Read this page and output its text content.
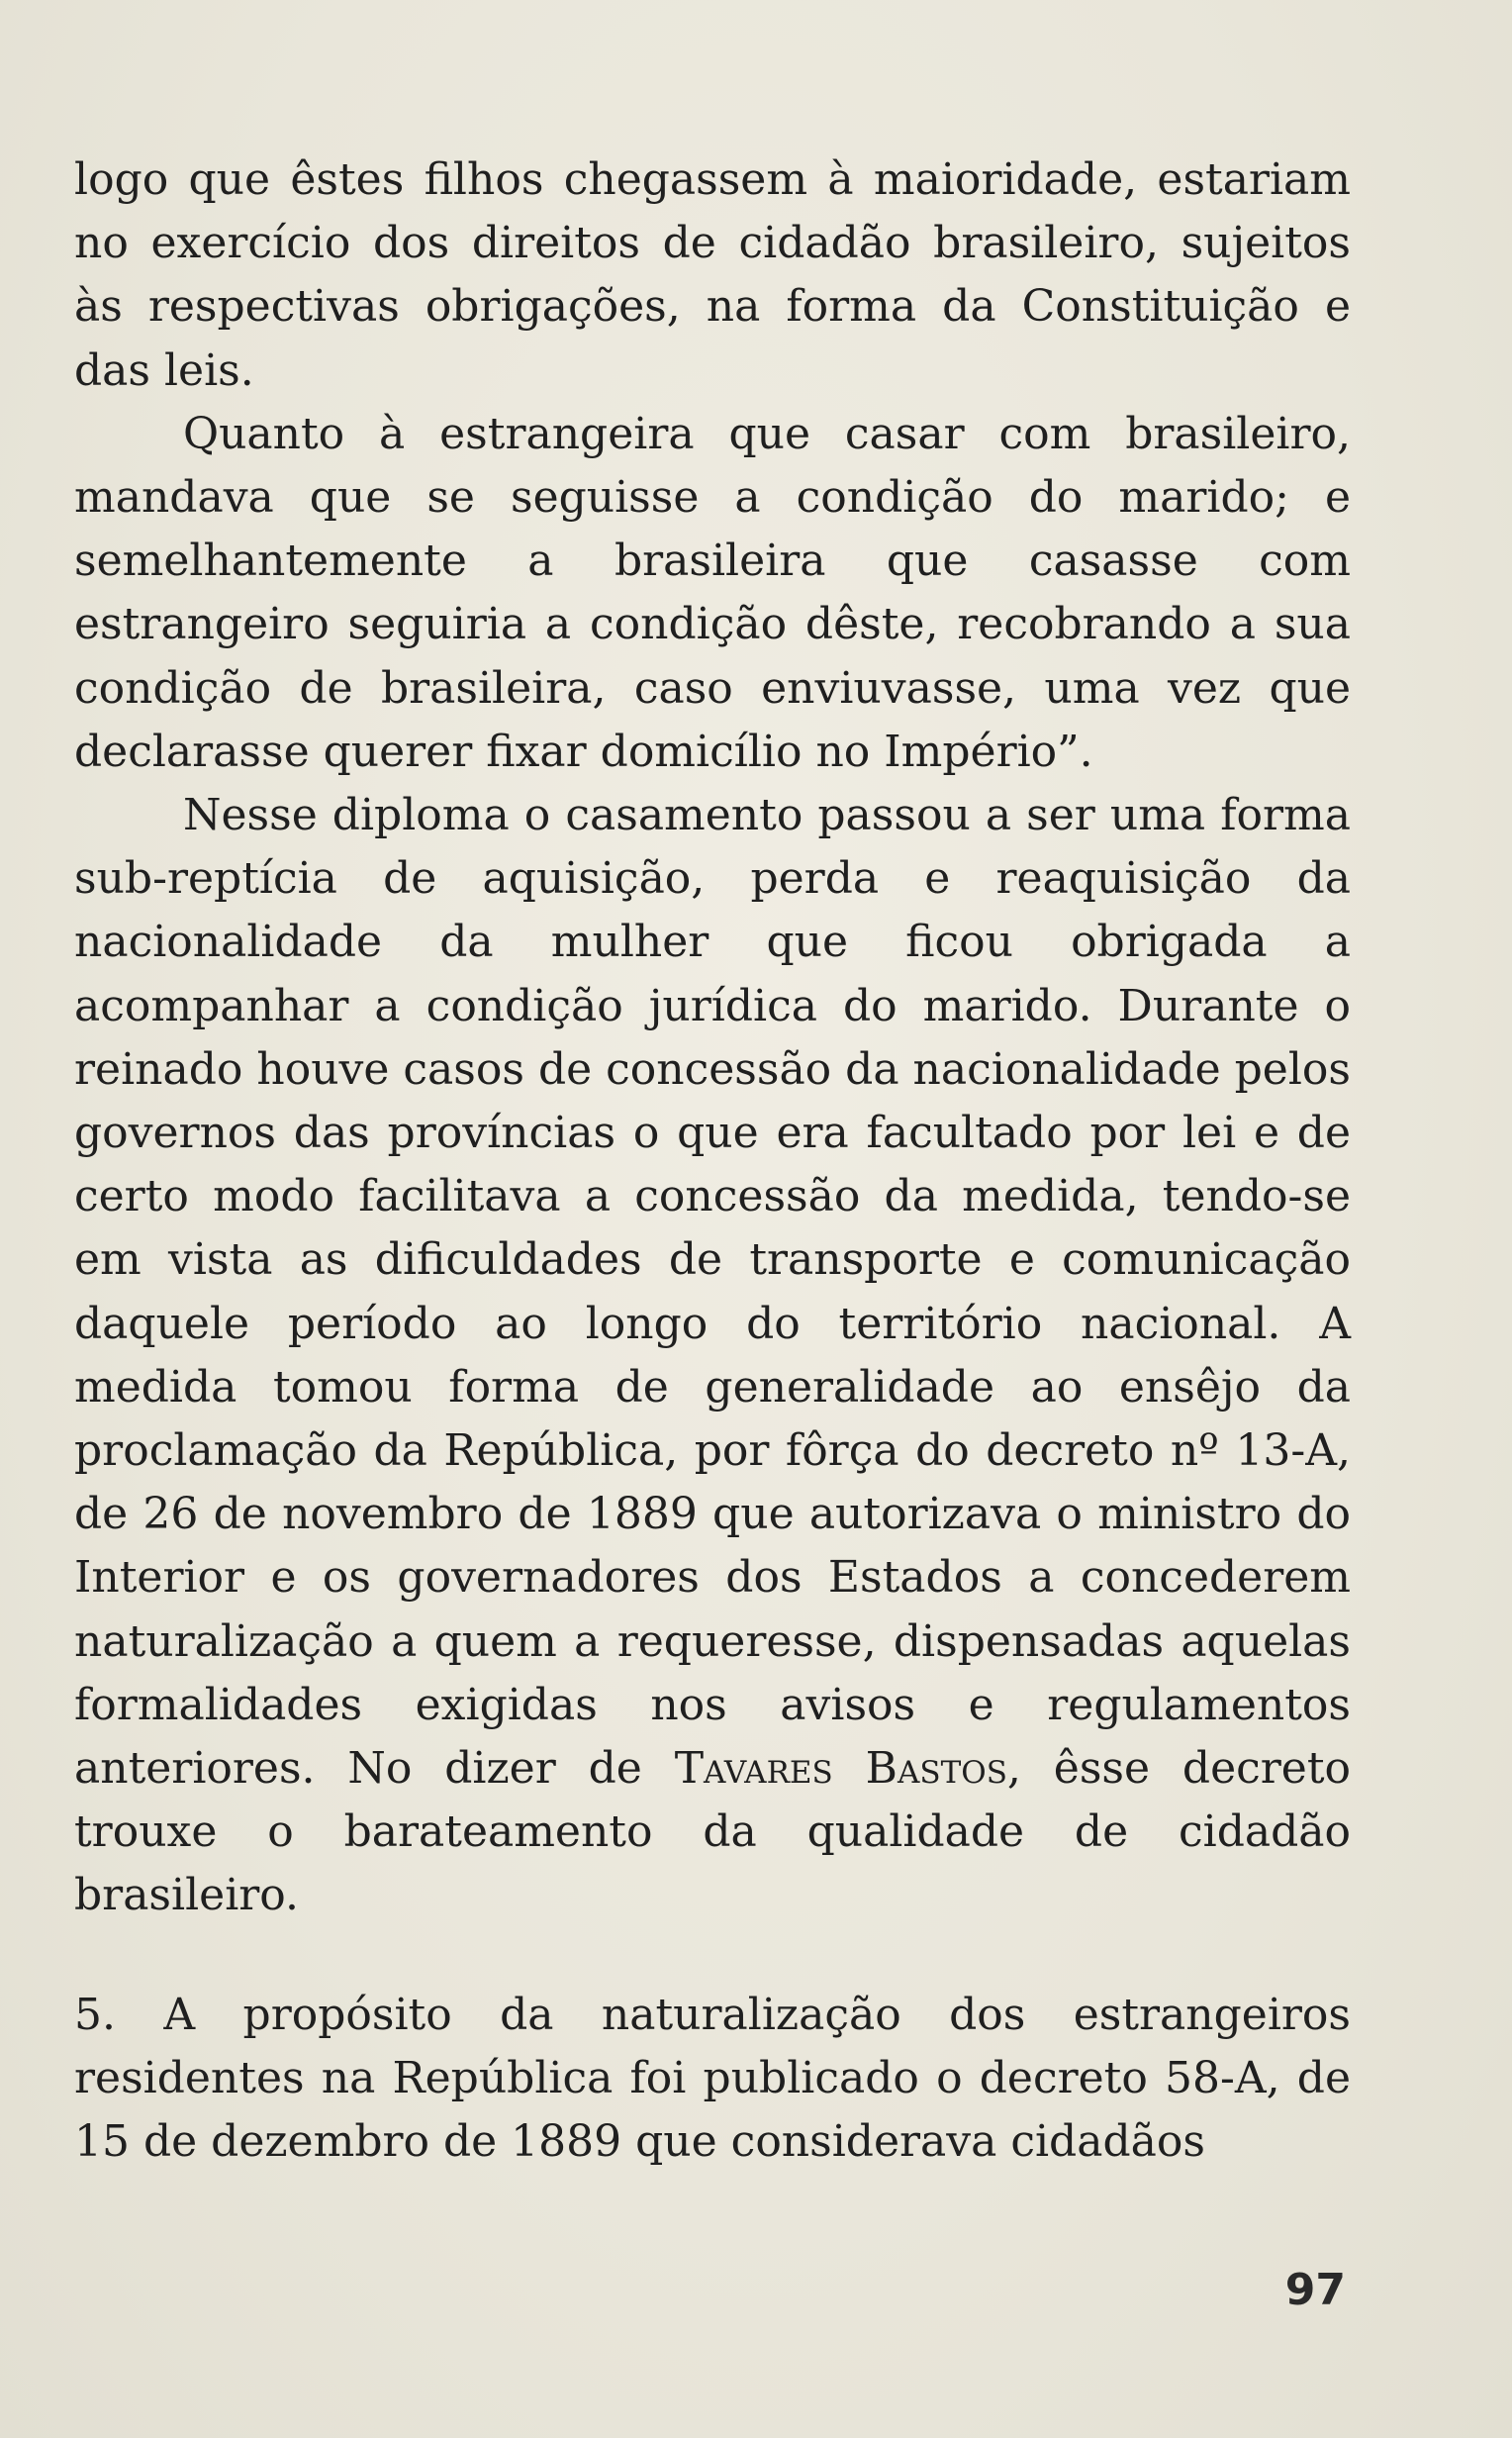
logo que êstes filhos chegassem à maioridade, estariam no exercício dos direitos de cidadão brasileiro, sujeitos às respectivas obrigações, na forma da Constituição e das leis.

Quanto à estrangeira que casar com brasileiro, mandava que se seguisse a condição do marido; e semelhantemente a brasileira que casasse com estrangeiro seguiria a condição dêste, recobrando a sua condição de brasileira, caso enviuvasse, uma vez que declarasse querer fixar domicílio no Império”.

Nesse diploma o casamento passou a ser uma forma sub-reptícia de aquisição, perda e reaquisição da nacionalidade da mulher que ficou obrigada a acompanhar a condição jurídica do marido. Durante o reinado houve casos de concessão da nacionalidade pelos governos das províncias o que era facultado por lei e de certo modo facilitava a concessão da medida, tendo-se em vista as dificuldades de transporte e comunicação daquele período ao longo do território nacional. A medida tomou forma de generalidade ao ensêjo da proclamação da República, por fôrça do decreto nº 13-A, de 26 de novembro de 1889 que autorizava o ministro do Interior e os governadores dos Estados a concederem naturalização a quem a requeresse, dispensadas aquelas formalidades exigidas nos avisos e regulamentos anteriores. No dizer de Tavares Bastos, êsse decreto trouxe o barateamento da qualidade de cidadão brasileiro.

5. A propósito da naturalização dos estrangeiros residentes na República foi publicado o decreto 58-A, de 15 de dezembro de 1889 que considerava cidadãos

97
